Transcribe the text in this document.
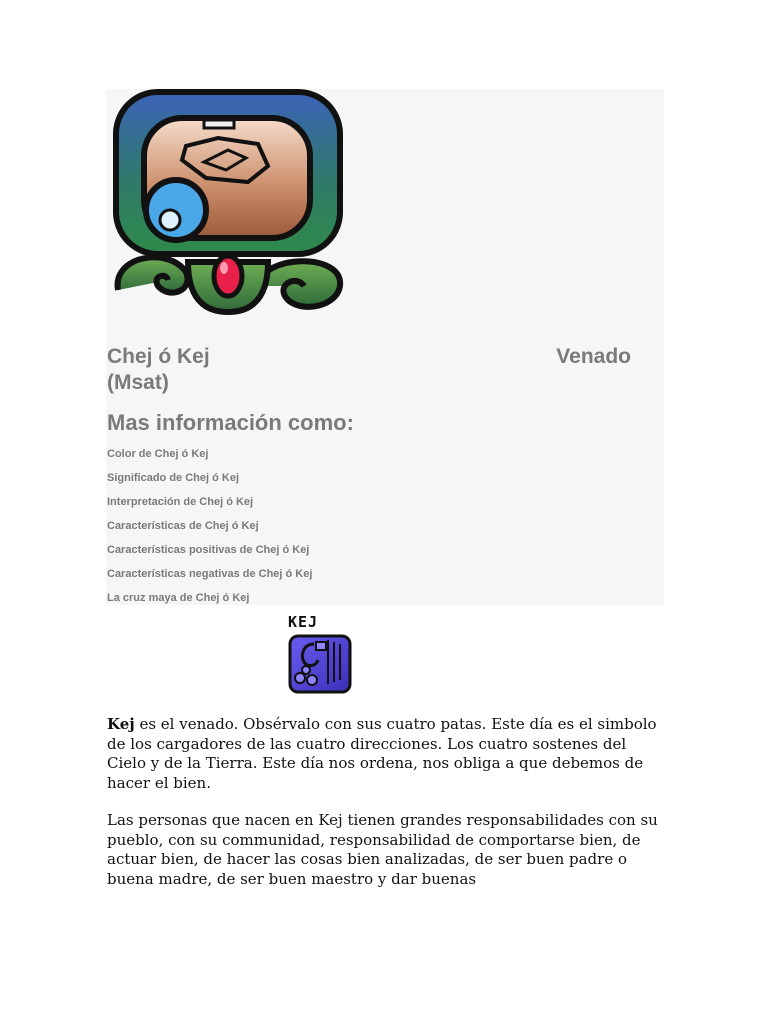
Chej ó Kej	Venado
(Msat)
Mas información como:
Color de Chej ó Kej
Significado de Chej ó Kej
Interpretación de Chej ó Kej
Características de Chej ó Kej
Características positivas de Chej ó Kej
Características negativas de Chej ó Kej
La cruz maya de Chej ó Kej
KEJ

Kej es el venado. Obsérvalo con sus cuatro patas. Este día es el simbolo de los cargadores de las cuatro direcciones. Los cuatro sostenes del Cielo y de la Tierra. Este día nos ordena, nos obliga a que debemos de hacer el bien.

Las personas que nacen en Kej tienen grandes responsabilidades con su pueblo, con su communidad, responsabilidad de comportarse bien, de actuar bien, de hacer las cosas bien analizadas, de ser buen padre o buena madre, de ser buen maestro y dar buenas
